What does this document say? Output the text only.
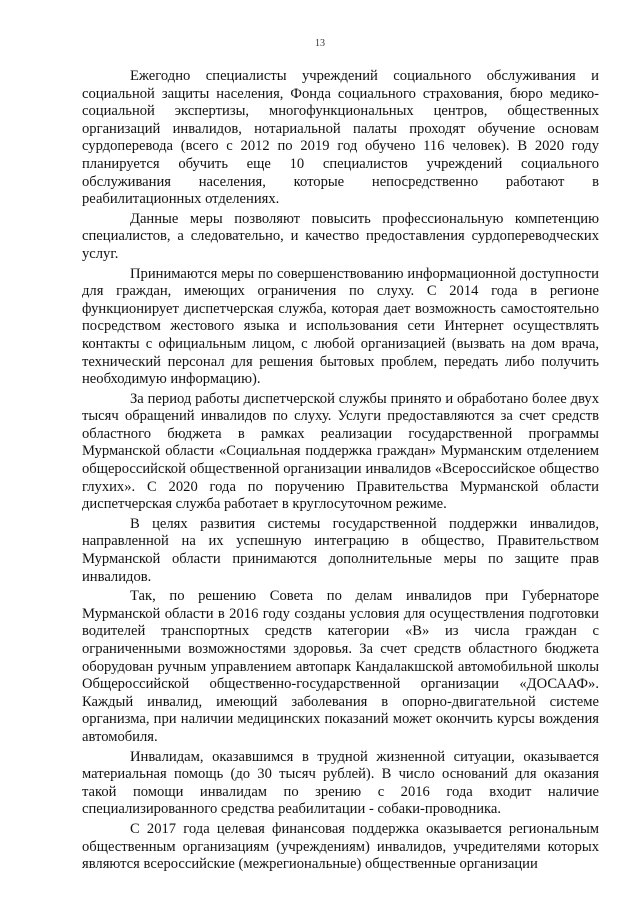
13

Ежегодно специалисты учреждений социального обслуживания и социальной защиты населения, Фонда социального страхования, бюро медико-социальной экспертизы, многофункциональных центров, общественных организаций инвалидов, нотариальной палаты проходят обучение основам сурдоперевода (всего с 2012 по 2019 год обучено 116 человек). В 2020 году планируется обучить еще 10 специалистов учреждений социального обслуживания населения, которые непосредственно работают в реабилитационных отделениях.

Данные меры позволяют повысить профессиональную компетенцию специалистов, а следовательно, и качество предоставления сурдопереводческих услуг.

Принимаются меры по совершенствованию информационной доступности для граждан, имеющих ограничения по слуху. С 2014 года в регионе функционирует диспетчерская служба, которая дает возможность самостоятельно посредством жестового языка и использования сети Интернет осуществлять контакты с официальным лицом, с любой организацией (вызвать на дом врача, технический персонал для решения бытовых проблем, передать либо получить необходимую информацию).

За период работы диспетчерской службы принято и обработано более двух тысяч обращений инвалидов по слуху. Услуги предоставляются за счет средств областного бюджета в рамках реализации государственной программы Мурманской области «Социальная поддержка граждан» Мурманским отделением общероссийской общественной организации инвалидов «Всероссийское общество глухих». С 2020 года по поручению Правительства Мурманской области диспетчерская служба работает в круглосуточном режиме.

В целях развития системы государственной поддержки инвалидов, направленной на их успешную интеграцию в общество, Правительством Мурманской области принимаются дополнительные меры по защите прав инвалидов.

Так, по решению Совета по делам инвалидов при Губернаторе Мурманской области в 2016 году созданы условия для осуществления подготовки водителей транспортных средств категории «В» из числа граждан с ограниченными возможностями здоровья. За счет средств областного бюджета оборудован ручным управлением автопарк Кандалакшской автомобильной школы Общероссийской общественно-государственной организации «ДОСААФ». Каждый инвалид, имеющий заболевания в опорно-двигательной системе организма, при наличии медицинских показаний может окончить курсы вождения автомобиля.

Инвалидам, оказавшимся в трудной жизненной ситуации, оказывается материальная помощь (до 30 тысяч рублей). В число оснований для оказания такой помощи инвалидам по зрению с 2016 года входит наличие специализированного средства реабилитации - собаки-проводника.

С 2017 года целевая финансовая поддержка оказывается региональным общественным организациям (учреждениям) инвалидов, учредителями которых являются всероссийские (межрегиональные) общественные организации
